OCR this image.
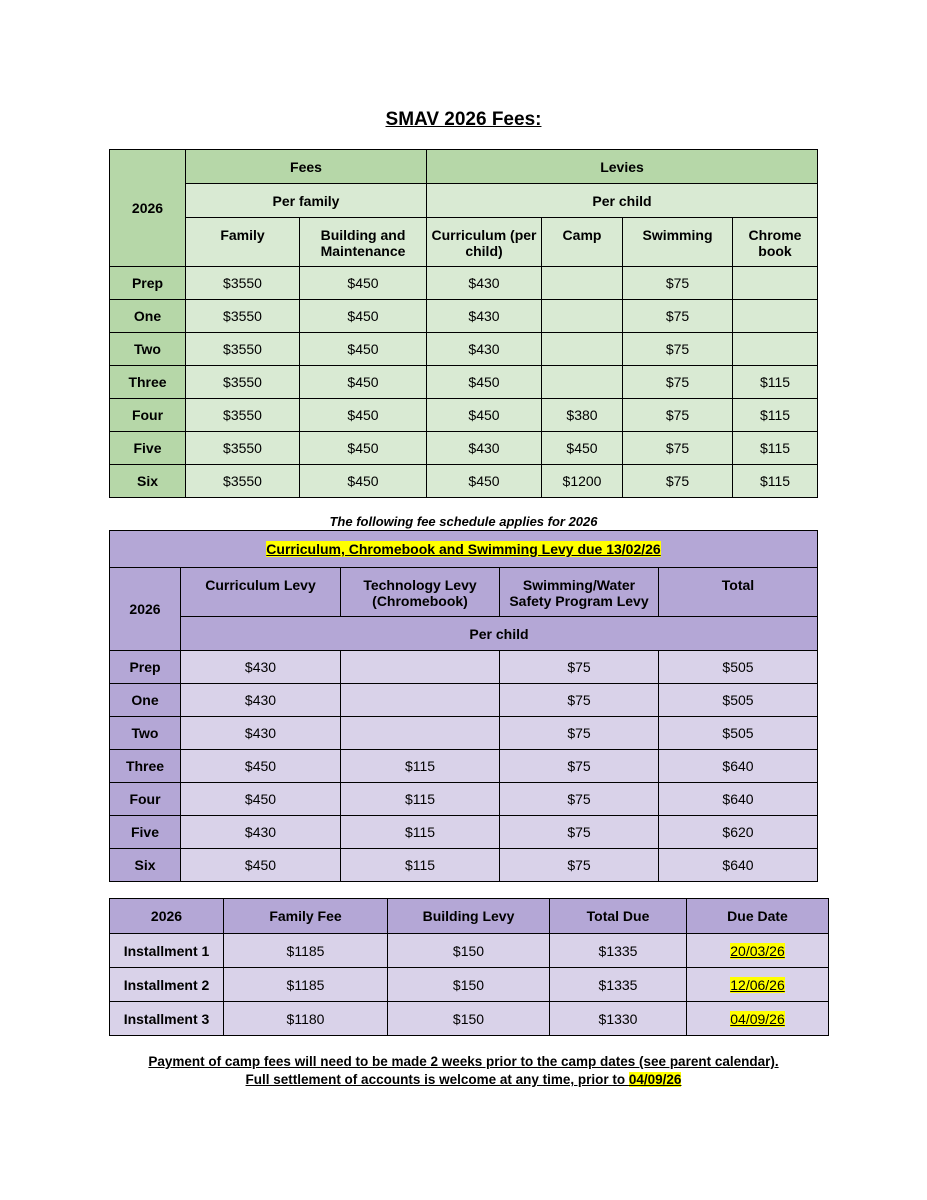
SMAV 2026 Fees:
2026	Fees		Levies			
	Per family		Per child			
	Family	Building and Maintenance	Curriculum (per child)	Camp	Swimming	Chrome book
Prep	$3550	$450	$430		$75	
One	$3550	$450	$430		$75	
Two	$3550	$450	$430		$75	
Three	$3550	$450	$450		$75	$115
Four	$3550	$450	$450	$380	$75	$115
Five	$3550	$450	$430	$450	$75	$115
Six	$3550	$450	$450	$1200	$75	$115
The following fee schedule applies for 2026
Curriculum, Chromebook and Swimming Levy due 13/02/26				
2026	Curriculum Levy	Technology Levy (Chromebook)	Swimming/Water Safety Program Levy	Total
	Per child			
Prep	$430		$75	$505
One	$430		$75	$505
Two	$430		$75	$505
Three	$450	$115	$75	$640
Four	$450	$115	$75	$640
Five	$430	$115	$75	$620
Six	$450	$115	$75	$640
2026	Family Fee	Building Levy	Total Due	Due Date
Installment 1	$1185	$150	$1335	20/03/26
Installment 2	$1185	$150	$1335	12/06/26
Installment 3	$1180	$150	$1330	04/09/26
Payment of camp fees will need to be made 2 weeks prior to the camp dates (see parent calendar).
Full settlement of accounts is welcome at any time, prior to 04/09/26
